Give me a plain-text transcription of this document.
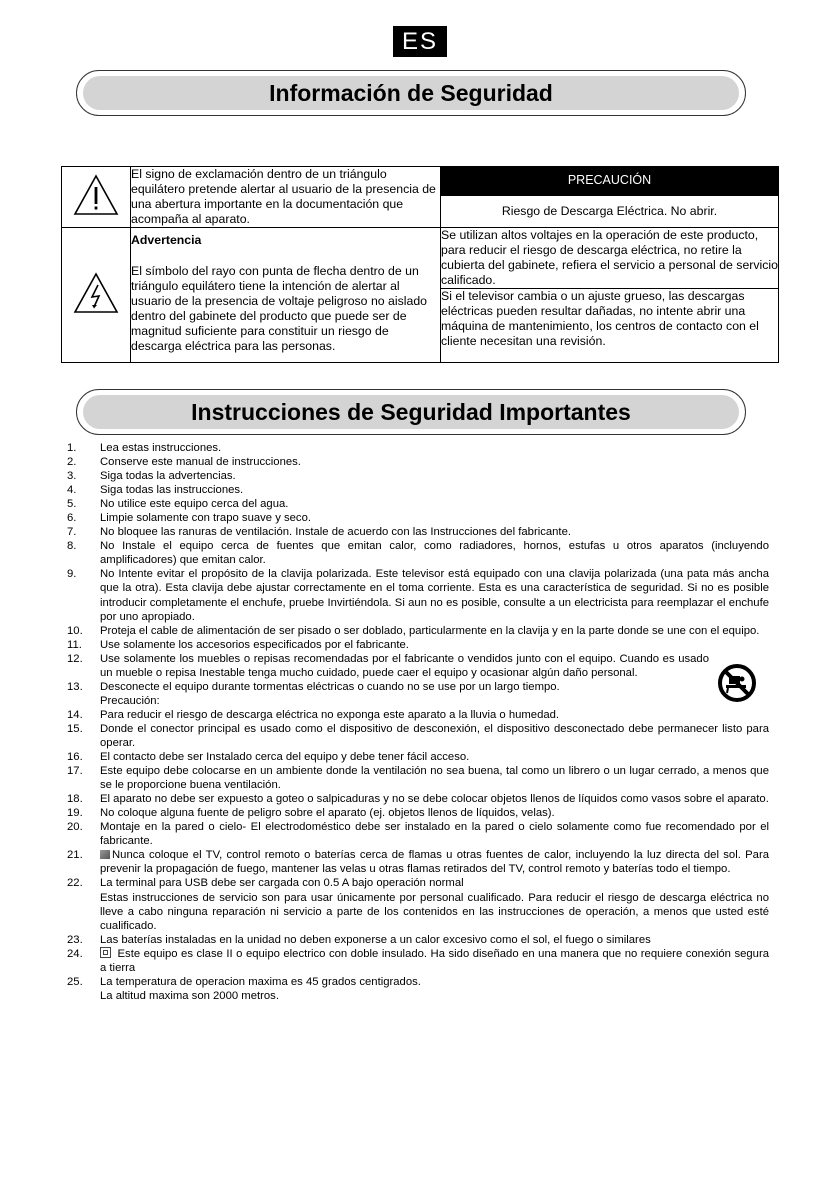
ES
Información de Seguridad
	El signo de exclamación dentro de un triángulo equilátero pretende alertar al usuario de la presencia de una abertura importante en la documentación que acompaña al aparato.	PRECAUCIÓN
		Riesgo de Descarga Eléctrica. No abrir.

Advertencia
El símbolo del rayo con punta de flecha dentro de un triángulo equilátero tiene la intención de alertar al usuario de la presencia de voltaje peligroso no aislado dentro del gabinete del producto que puede ser de magnitud suficiente para constituir un riesgo de descarga eléctrica para las personas.	Se utilizan altos voltajes en la operación de este producto, para reducir el riesgo de descarga eléctrica, no retire la cubierta del gabinete, refiera el servicio a personal de servicio calificado.
		Si el televisor cambia o un ajuste grueso, las descargas eléctricas pueden resultar dañadas, no intente abrir una máquina de mantenimiento, los centros de contacto con el cliente necesitan una revisión.
Instrucciones de Seguridad Importantes
1. Lea estas instrucciones.
2. Conserve este manual de instrucciones.
3. Siga todas la advertencias.
4. Siga todas las instrucciones.
5. No utilice este equipo cerca del agua.
6. Limpie solamente con trapo suave y seco.
7. No bloquee las ranuras de ventilación. Instale de acuerdo con las Instrucciones del fabricante.
8. No Instale el equipo cerca de fuentes que emitan calor, como radiadores, hornos, estufas u otros aparatos (incluyendo amplificadores) que emitan calor.
9. No Intente evitar el propósito de la clavija polarizada. Este televisor está equipado con una clavija polarizada (una pata más ancha que la otra). Esta clavija debe ajustar correctamente en el toma corriente. Esta es una característica de seguridad. Si no es posible introducir completamente el enchufe, pruebe Invirtiéndola. Si aun no es posible, consulte a un electricista para reemplazar el enchufe por uno apropiado.
10. Proteja el cable de alimentación de ser pisado o ser doblado, particularmente en la clavija y en la parte donde se une con el equipo.
11. Use solamente los accesorios especificados por el fabricante.
12. Use solamente los muebles o repisas recomendadas por el fabricante o vendidos junto con el equipo. Cuando es usado un mueble o repisa Inestable tenga mucho cuidado, puede caer el equipo y ocasionar algún daño personal.
13. Desconecte el equipo durante tormentas eléctricas o cuando no se use por un largo tiempo.
Precaución:
14. Para reducir el riesgo de descarga eléctrica no exponga este aparato a la lluvia o humedad.
15. Donde el conector principal es usado como el dispositivo de desconexión, el dispositivo desconectado debe permanecer listo para operar.
16. El contacto debe ser Instalado cerca del equipo y debe tener fácil acceso.
17. Este equipo debe colocarse en un ambiente donde la ventilación no sea buena, tal como un librero o un lugar cerrado, a menos que se le proporcione buena ventilación.
18. El aparato no debe ser expuesto a goteo o salpicaduras y no se debe colocar objetos llenos de líquidos como vasos sobre el aparato.
19. No coloque alguna fuente de peligro sobre el aparato (ej. objetos llenos de líquidos, velas).
20. Montaje en la pared o cielo- El electrodoméstico debe ser instalado en la pared o cielo solamente como fue recomendado por el fabricante.
21.	Nunca coloque el TV, control remoto o baterías cerca de flamas u otras fuentes de calor, incluyendo la luz directa del sol. Para prevenir la propagación de fuego, mantener las velas u otras flamas retirados del TV, control remoto y baterías todo el tiempo.
22. La terminal para USB debe ser cargada con 0.5 A bajo operación normal
Estas instrucciones de servicio son para usar únicamente por personal cualificado. Para reducir el riesgo de descarga eléctrica no lleve a cabo ninguna reparación ni servicio a parte de los contenidos en las instrucciones de operación, a menos que usted esté cualificado.
23. Las baterías instaladas en la unidad no deben exponerse a un calor excesivo como el sol, el fuego o similares
24.	Este equipo es clase II o equipo electrico con doble insulado. Ha sido diseñado en una manera que no requiere conexión segura a tierra
25. La temperatura de operacion maxima es 45 grados centigrados.
La altitud maxima son 2000 metros.
